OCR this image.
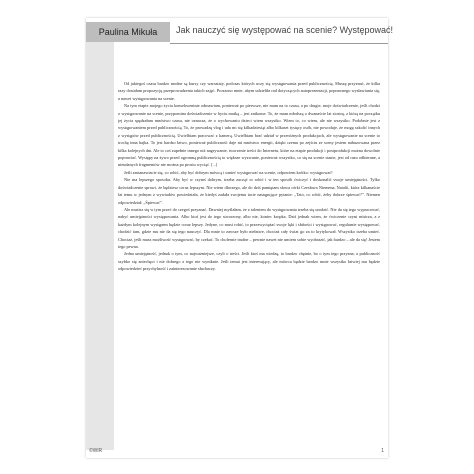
Paulina Mikuła	Jak nauczyć się występować na scenie? Występować!

Od jakiegoś czasu bardzo modne są kursy czy warsztaty, podczas których uczy się występowania przed publicznością. Muszę przyznać, że kilka razy dostałam propozycję przeprowadzenia takich zajęć. Proszono mnie, abym udzieliła rad dotyczących autoprezentacji, poprawnego wysławiania się, a nawet występowania na scenie.

Na tym etapie mojego życia konsekwentnie odmawiam, ponieważ po pierwsze, nie mam na to czasu, a po drugie, moje doświadczenie, jeśli chodzi o występowanie na scenie, przypomina doświadczenie w byciu matką – jest znikome. To, że mam młodszą o dwanaście lat siostrę, z którą na początku jej życia spędzałam mnóstwo czasu, nie oznacza, że o wychowaniu dzieci wiem wszystko. Wiem to, co wiem, ale nie wszystko. Podobnie jest z występowaniem przed publicznością. To, że prowadzę vlog i uda mi się kilkadziesiąt albo kilkaset tysięcy osób, nie powoduje, że mogę szkolić innych z występów przed publicznością. Uwielbiam pracować z kamerą. Uwielbiam brać udział w przeróżnych produkcjach, ale występowanie na scenie to trochę inna bajka. To jest bardzo łatwo, ponieważ publiczność daje mi mnóstwo energii, dzięki czemu po zejściu ze sceny jestem nabuzowana przez kilka kolejnych dni. Ale to coś zupełnie innego niż nagrywanie, tworzenie treści do Internetu, które na etapie produkcji i postprodukcji można dowolnie poprawiać. Występy na żywo przed ogromną publicznością to większe wyzwanie, ponieważ wszystko, co się na scenie stanie, jest od razu odbierane, a nieudanych fragmentów nie można po prostu wyciąć. [...]

Jeśli zastanawiacie się, co robić, aby być dobrym mówcą i umieć występować na scenie, odpowiem krótko: występować!

Nie ma lepszego sposobu. Aby być w czymś dobrym, trzeba zacząć to robić i w ten sposób ćwiczyć i doskonalić swoje umiejętności. Tylko doświadczenie sprawi, że będziesz coraz lepszym. Nie wiem dlaczego, ale do dziś pamiętam słowa córki Czesława Niemena, Natalii, która kilkanaście lat temu w jednym z wywiadów powiedziała, że kiedyś zadała swojemu tacie następujące pytanie: „Tato, co robić, żeby dobrze śpiewać?”. Niemen odpowiedział: „Śpiewać”.

Ale musisz się w tym przeć do czegoś przyznać. Dawniej myślałam, że z talentem do występowania trzeba się urodzić. Nie da się tego wypracować, nabyć umiejętności występowania. Albo ktoś jest do tego stworzony, albo nie, koniec kropka. Dziś jednak wiem, że ćwiczenie czyni mistrza, a z każdym kolejnym występem będzie coraz lepszy. Jedyne, co musi robić, to przezwyciężać swoje lęki i słabości i występować, regularnie występować, chodzić tam, gdzie mu nie da się tego nauczyć. Dla mnie to zawsze było niełatwe, chociaż cały świat go za to krytykował. Wszystko trzeba umieć. Chociaż, jeśli masz możliwość występować, by czekać. To cholernie trudne – pewnie nawet nie umiem sobie wyobrazić, jak bardzo – ale da się! Jestem tego pewna.

Jedna umiejętność, jednak o tym, co najważniejsze, czyli o treści. Jeśli ktoś ma wiedzę, to bardzo chętnie, bo o tym tego przyzna, a publiczność szybko się zniechęci i nie dobrego z tego nie wyniknie. Jeśli temat jest interesujący, ale mówca będzie bardzo mnie wszystko łatwiej mu będzie odpowiedzieć przychylność i zainteresowanie słuchaczy.

©WiR	1
